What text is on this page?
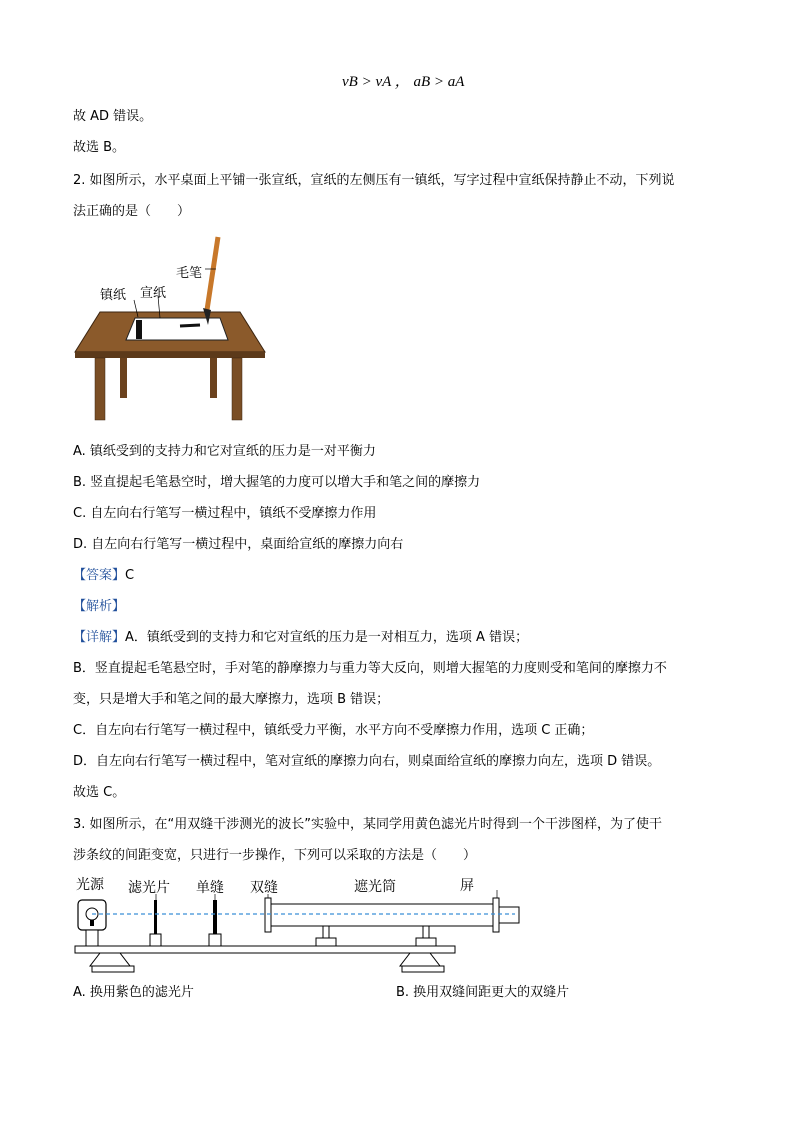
vB > vA ， aB > aA
故 AD 错误。
故选 B。
2. 如图所示，水平桌面上平铺一张宣纸，宣纸的左侧压有一镇纸，写字过程中宣纸保持静止不动，下列说
法正确的是（　　）
毛笔
镇纸 宣纸
A. 镇纸受到的支持力和它对宣纸的压力是一对平衡力
B. 竖直提起毛笔悬空时，增大握笔的力度可以增大手和笔之间的摩擦力
C. 自左向右行笔写一横过程中，镇纸不受摩擦力作用
D. 自左向右行笔写一横过程中，桌面给宣纸的摩擦力向右
【答案】C
【解析】
【详解】A．镇纸受到的支持力和它对宣纸的压力是一对相互力，选项 A 错误；
B．竖直提起毛笔悬空时，手对笔的静摩擦力与重力等大反向，则增大握笔的力度则受和笔间的摩擦力不
变，只是增大手和笔之间的最大摩擦力，选项 B 错误；
C．自左向右行笔写一横过程中，镇纸受力平衡，水平方向不受摩擦力作用，选项 C 正确；
D．自左向右行笔写一横过程中，笔对宣纸的摩擦力向右，则桌面给宣纸的摩擦力向左，选项 D 错误。
故选 C。
3. 如图所示，在“用双缝干涉测光的波长”实验中，某同学用黄色滤光片时得到一个干涉图样，为了使干
涉条纹的间距变宽，只进行一步操作，下列可以采取的方法是（　　）
光源 滤光片 单缝 双缝	遮光筒	屏
A. 换用紫色的滤光片	B. 换用双缝间距更大的双缝片
